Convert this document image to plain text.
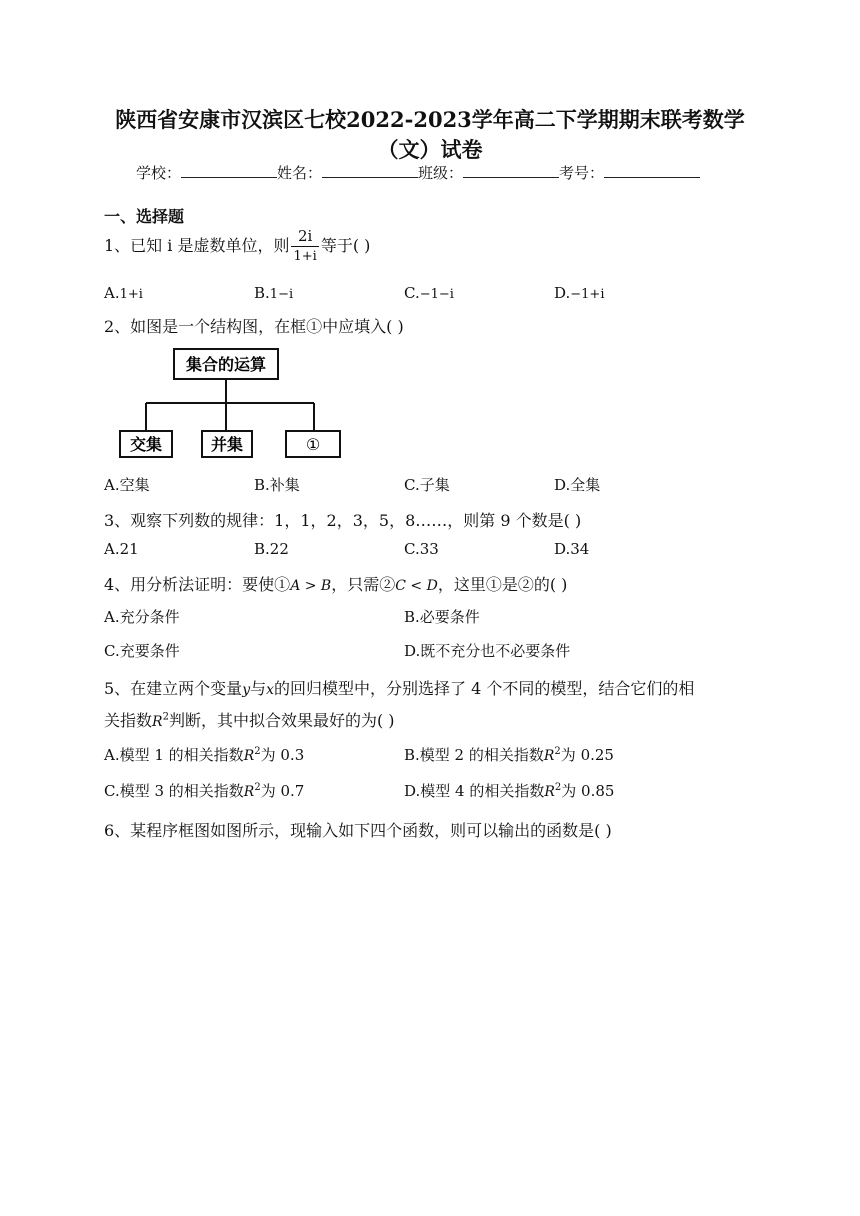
陕西省安康市汉滨区七校2022-2023学年高二下学期期末联考数学
（文）试卷
学校：	姓名：	班级：	考号：
一、选择题
1、已知 i 是虚数单位，则 $\frac{2i}{1+i}$ 等于( )
A.1+i	B.1−i	C.−1−i	D.−1+i
2、如图是一个结构图，在框①中应填入( )
集合的运算
交集	并集	①
A.空集	B.补集	C.子集	D.全集
3、观察下列数的规律：1，1，2，3，5，8……，则第 9 个数是( )
A.21	B.22	C.33	D.34
4、用分析法证明：要使①A > B，只需②C < D，这里①是②的( )
A.充分条件	B.必要条件
C.充要条件	D.既不充分也不必要条件
5、在建立两个变量y与x的回归模型中，分别选择了 4 个不同的模型，结合它们的相
关指数$R^2$判断，其中拟合效果最好的为( )
A.模型 1 的相关指数$R^2$为 0.3	B.模型 2 的相关指数$R^2$为 0.25
C.模型 3 的相关指数$R^2$为 0.7	D.模型 4 的相关指数$R^2$为 0.85
6、某程序框图如图所示，现输入如下四个函数，则可以输出的函数是( )
